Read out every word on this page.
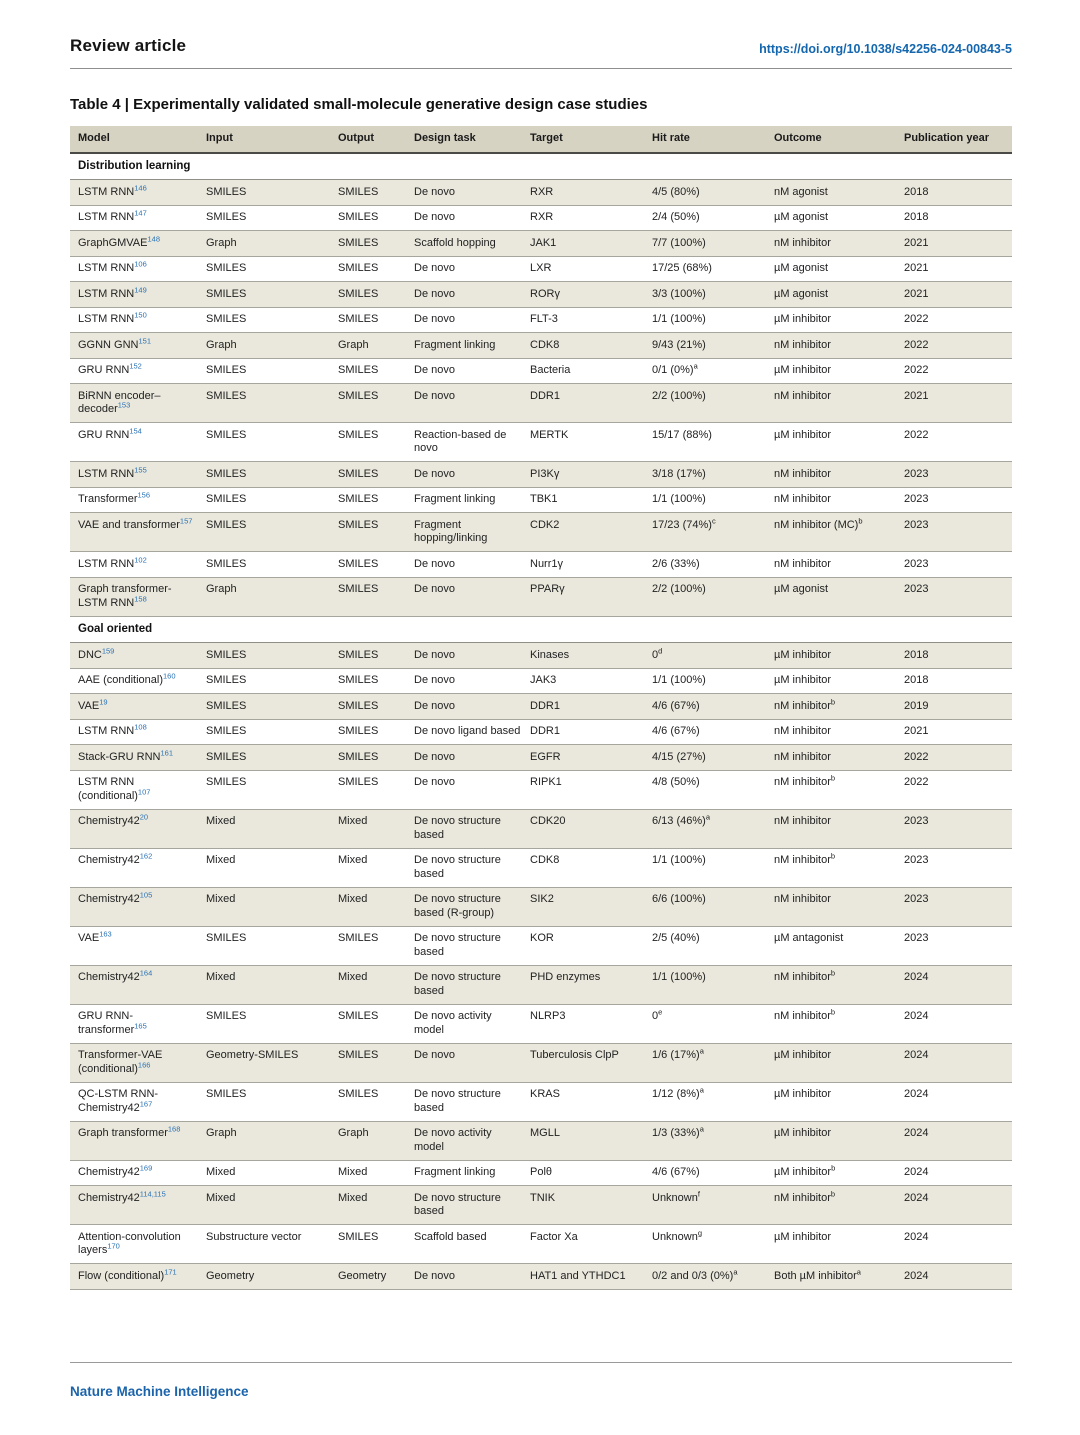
Review article	https://doi.org/10.1038/s42256-024-00843-5
Table 4 | Experimentally validated small-molecule generative design case studies
Model	Input	Output	Design task	Target	Hit rate	Outcome	Publication year
Distribution learning							
LSTM RNN$^{146}$	SMILES	SMILES	De novo	RXR	4/5 (80%)	nM agonist	2018
LSTM RNN$^{147}$	SMILES	SMILES	De novo	RXR	2/4 (50%)	µM agonist	2018
GraphGMVAE$^{148}$	Graph	SMILES	Scaffold hopping	JAK1	7/7 (100%)	nM inhibitor	2021
LSTM RNN$^{106}$	SMILES	SMILES	De novo	LXR	17/25 (68%)	µM agonist	2021
LSTM RNN$^{149}$	SMILES	SMILES	De novo	RORγ	3/3 (100%)	µM agonist	2021
LSTM RNN$^{150}$	SMILES	SMILES	De novo	FLT-3	1/1 (100%)	µM inhibitor	2022
GGNN GNN$^{151}$	Graph	Graph	Fragment linking	CDK8	9/43 (21%)	nM inhibitor	2022
GRU RNN$^{152}$	SMILES	SMILES	De novo	Bacteria	0/1 (0%)$^a$	µM inhibitor	2022
BiRNN encoder–decoder$^{153}$	SMILES	SMILES	De novo	DDR1	2/2 (100%)	nM inhibitor	2021
GRU RNN$^{154}$	SMILES	SMILES	Reaction-based de novo	MERTK	15/17 (88%)	µM inhibitor	2022
LSTM RNN$^{155}$	SMILES	SMILES	De novo	PI3Kγ	3/18 (17%)	nM inhibitor	2023
Transformer$^{156}$	SMILES	SMILES	Fragment linking	TBK1	1/1 (100%)	nM inhibitor	2023
VAE and transformer$^{157}$	SMILES	SMILES	Fragment hopping/linking	CDK2	17/23 (74%)$^c$	nM inhibitor (MC)$^b$	2023
LSTM RNN$^{102}$	SMILES	SMILES	De novo	Nurr1γ	2/6 (33%)	nM inhibitor	2023
Graph transformer-LSTM RNN$^{158}$	Graph	SMILES	De novo	PPARγ	2/2 (100%)	µM agonist	2023
Goal oriented							
DNC$^{159}$	SMILES	SMILES	De novo	Kinases	0$^d$	µM inhibitor	2018
AAE (conditional)$^{160}$	SMILES	SMILES	De novo	JAK3	1/1 (100%)	µM inhibitor	2018
VAE$^{19}$	SMILES	SMILES	De novo	DDR1	4/6 (67%)	nM inhibitor$^b$	2019
LSTM RNN$^{108}$	SMILES	SMILES	De novo ligand based	DDR1	4/6 (67%)	nM inhibitor	2021
Stack-GRU RNN$^{161}$	SMILES	SMILES	De novo	EGFR	4/15 (27%)	nM inhibitor	2022
LSTM RNN (conditional)$^{107}$	SMILES	SMILES	De novo	RIPK1	4/8 (50%)	nM inhibitor$^b$	2022
Chemistry42$^{20}$	Mixed	Mixed	De novo structure based	CDK20	6/13 (46%)$^a$	nM inhibitor	2023
Chemistry42$^{162}$	Mixed	Mixed	De novo structure based	CDK8	1/1 (100%)	nM inhibitor$^b$	2023
Chemistry42$^{105}$	Mixed	Mixed	De novo structure based (R-group)	SIK2	6/6 (100%)	nM inhibitor	2023
VAE$^{163}$	SMILES	SMILES	De novo structure based	KOR	2/5 (40%)	µM antagonist	2023
Chemistry42$^{164}$	Mixed	Mixed	De novo structure based	PHD enzymes	1/1 (100%)	nM inhibitor$^b$	2024
GRU RNN-transformer$^{165}$	SMILES	SMILES	De novo activity model	NLRP3	0e	nM inhibitor$^b$	2024
Transformer-VAE (conditional)$^{166}$	Geometry-SMILES	SMILES	De novo	Tuberculosis ClpP	1/6 (17%)$^a$	µM inhibitor	2024
QC-LSTM RNN-Chemistry42$^{167}$	SMILES	SMILES	De novo structure based	KRAS	1/12 (8%)$^a$	µM inhibitor	2024
Graph transformer$^{168}$	Graph	Graph	De novo activity model	MGLL	1/3 (33%)$^a$	µM inhibitor	2024
Chemistry42$^{169}$	Mixed	Mixed	Fragment linking	Polθ	4/6 (67%)	µM inhibitor$^b$	2024
Chemistry42$^{114,115}$	Mixed	Mixed	De novo structure based	TNIK	Unknown$^f$	nM inhibitor$^b$	2024
Attention-convolution layers$^{170}$	Substructure vector	SMILES	Scaffold based	Factor Xa	Unknown$^g$	µM inhibitor	2024
Flow (conditional)$^{171}$	Geometry	Geometry	De novo	HAT1 and YTHDC1	0/2 and 0/3 (0%)$^a$	Both µM inhibitor$^a$	2024
Nature Machine Intelligence
